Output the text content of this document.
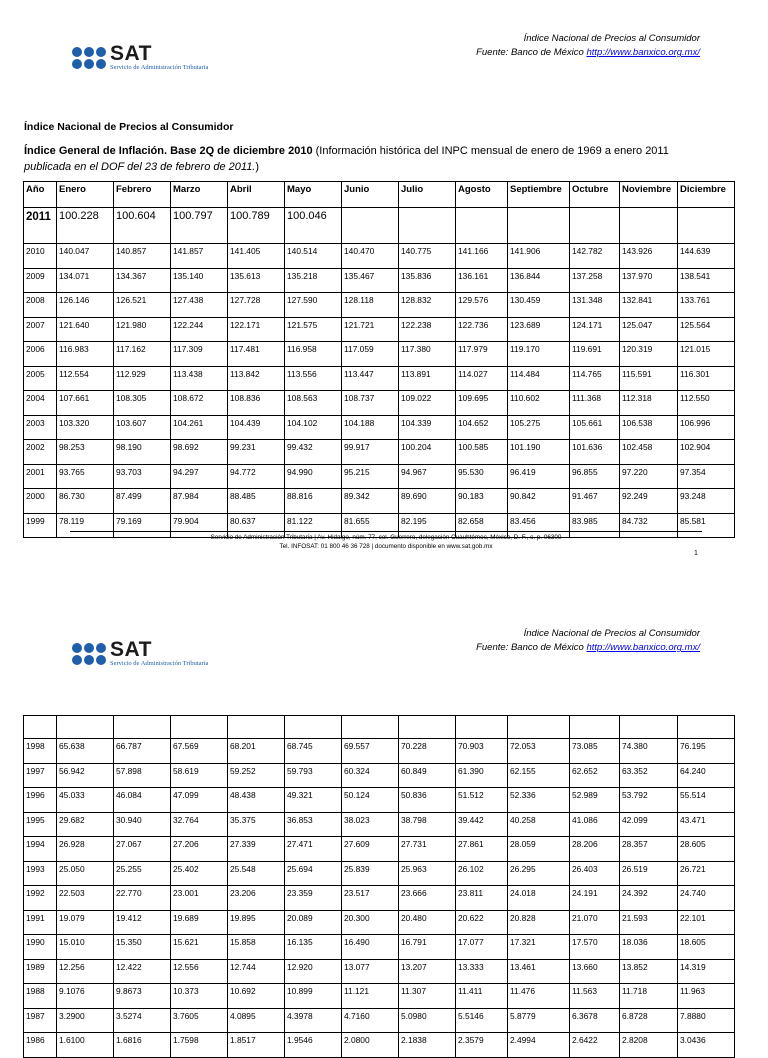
SAT
Servicio de Administración Tributaria
Índice Nacional de Precios al Consumidor
Fuente: Banco de México http://www.banxico.org.mx/
Índice Nacional de Precios al Consumidor
Índice General de Inflación. Base 2Q de diciembre 2010 (Información histórica del INPC mensual de enero de 1969 a enero 2011 publicada en el DOF del 23 de febrero de 2011.)
Año	Enero	Febrero	Marzo	Abril	Mayo	Junio	Julio	Agosto	Septiembre	Octubre	Noviembre	Diciembre
2011	100.228	100.604	100.797	100.789	100.046							
2010	140.047	140.857	141.857	141.405	140.514	140.470	140.775	141.166	141.906	142.782	143.926	144.639
2009	134.071	134.367	135.140	135.613	135.218	135.467	135.836	136.161	136.844	137.258	137.970	138.541
2008	126.146	126.521	127.438	127.728	127.590	128.118	128.832	129.576	130.459	131.348	132.841	133.761
2007	121.640	121.980	122.244	122.171	121.575	121.721	122.238	122.736	123.689	124.171	125.047	125.564
2006	116.983	117.162	117.309	117.481	116.958	117.059	117.380	117.979	119.170	119.691	120.319	121.015
2005	112.554	112.929	113.438	113.842	113.556	113.447	113.891	114.027	114.484	114.765	115.591	116.301
2004	107.661	108.305	108.672	108.836	108.563	108.737	109.022	109.695	110.602	111.368	112.318	112.550
2003	103.320	103.607	104.261	104.439	104.102	104.188	104.339	104.652	105.275	105.661	106.538	106.996
2002	98.253	98.190	98.692	99.231	99.432	99.917	100.204	100.585	101.190	101.636	102.458	102.904
2001	93.765	93.703	94.297	94.772	94.990	95.215	94.967	95.530	96.419	96.855	97.220	97.354
2000	86.730	87.499	87.984	88.485	88.816	89.342	89.690	90.183	90.842	91.467	92.249	93.248
1999	78.119	79.169	79.904	80.637	81.122	81.655	82.195	82.658	83.456	83.985	84.732	85.581
Servicio de Administración Tributaria | Av. Hidalgo, núm. 77, col. Guerrero, delegación Cuauhtémoc, México, D. F., c. p. 06300
Tel. INFOSAT: 01 800 46 36 728 | documento disponible en www.sat.gob.mx
1
SAT
Servicio de Administración Tributaria
Índice Nacional de Precios al Consumidor
Fuente: Banco de México http://www.banxico.org.mx/

1998	65.638	66.787	67.569	68.201	68.745	69.557	70.228	70.903	72.053	73.085	74.380	76.195
1997	56.942	57.898	58.619	59.252	59.793	60.324	60.849	61.390	62.155	62.652	63.352	64.240
1996	45.033	46.084	47.099	48.438	49.321	50.124	50.836	51.512	52.336	52.989	53.792	55.514
1995	29.682	30.940	32.764	35.375	36.853	38.023	38.798	39.442	40.258	41.086	42.099	43.471
1994	26.928	27.067	27.206	27.339	27.471	27.609	27.731	27.861	28.059	28.206	28.357	28.605
1993	25.050	25.255	25.402	25.548	25.694	25.839	25.963	26.102	26.295	26.403	26.519	26.721
1992	22.503	22.770	23.001	23.206	23.359	23.517	23.666	23.811	24.018	24.191	24.392	24.740
1991	19.079	19.412	19.689	19.895	20.089	20.300	20.480	20.622	20.828	21.070	21.593	22.101
1990	15.010	15.350	15.621	15.858	16.135	16.490	16.791	17.077	17.321	17.570	18.036	18.605
1989	12.256	12.422	12.556	12.744	12.920	13.077	13.207	13.333	13.461	13.660	13.852	14.319
1988	9.1076	9.8673	10.373	10.692	10.899	11.121	11.307	11.411	11.476	11.563	11.718	11.963
1987	3.2900	3.5274	3.7605	4.0895	4.3978	4.7160	5.0980	5.5146	5.8779	6.3678	6.8728	7.8880
1986	1.6100	1.6816	1.7598	1.8517	1.9546	2.0800	2.1838	2.3579	2.4994	2.6422	2.8208	3.0436
